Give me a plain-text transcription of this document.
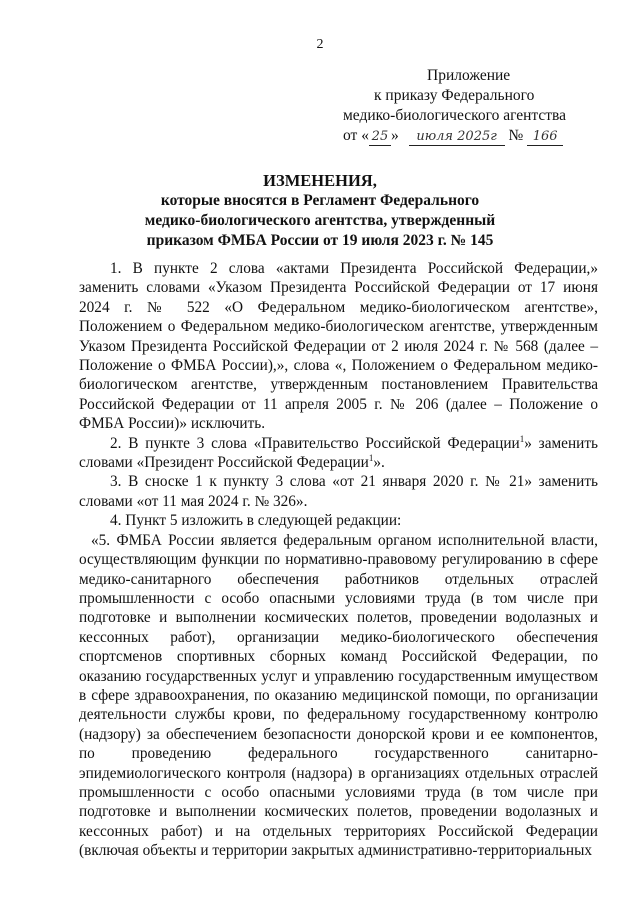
2
Приложение
к приказу Федерального
медико-биологического агентства
от « 25 » июля 2025г № 166
ИЗМЕНЕНИЯ,
которые вносятся в Регламент Федерального
медико-биологического агентства, утвержденный
приказом ФМБА России от 19 июля 2023 г. № 145

1. В пункте 2 слова «актами Президента Российской Федерации,» заменить словами «Указом Президента Российской Федерации от 17 июня 2024 г. № 522 «О Федеральном медико-биологическом агентстве», Положением о Федеральном медико-биологическом агентстве, утвержденным Указом Президента Российской Федерации от 2 июля 2024 г. № 568 (далее – Положение о ФМБА России),», слова «, Положением о Федеральном медико-биологическом агентстве, утвержденным постановлением Правительства Российской Федерации от 11 апреля 2005 г. № 206 (далее – Положение о ФМБА России)» исключить.

2. В пункте 3 слова «Правительство Российской Федерации$^1$» заменить словами «Президент Российской Федерации$^1$».

3. В сноске 1 к пункту 3 слова «от 21 января 2020 г. № 21» заменить словами «от 11 мая 2024 г. № 326».

4. Пункт 5 изложить в следующей редакции:

«5. ФМБА России является федеральным органом исполнительной власти, осуществляющим функции по нормативно-правовому регулированию в сфере медико-санитарного обеспечения работников отдельных отраслей промышленности с особо опасными условиями труда (в том числе при подготовке и выполнении космических полетов, проведении водолазных и кессонных работ), организации медико-биологического обеспечения спортсменов спортивных сборных команд Российской Федерации, по оказанию государственных услуг и управлению государственным имуществом в сфере здравоохранения, по оказанию медицинской помощи, по организации деятельности службы крови, по федеральному государственному контролю (надзору) за обеспечением безопасности донорской крови и ее компонентов, по проведению федерального государственного санитарно-эпидемиологического контроля (надзора) в организациях отдельных отраслей промышленности с особо опасными условиями труда (в том числе при подготовке и выполнении космических полетов, проведении водолазных и кессонных работ) и на отдельных территориях Российской Федерации (включая объекты и территории закрытых административно-территориальных
